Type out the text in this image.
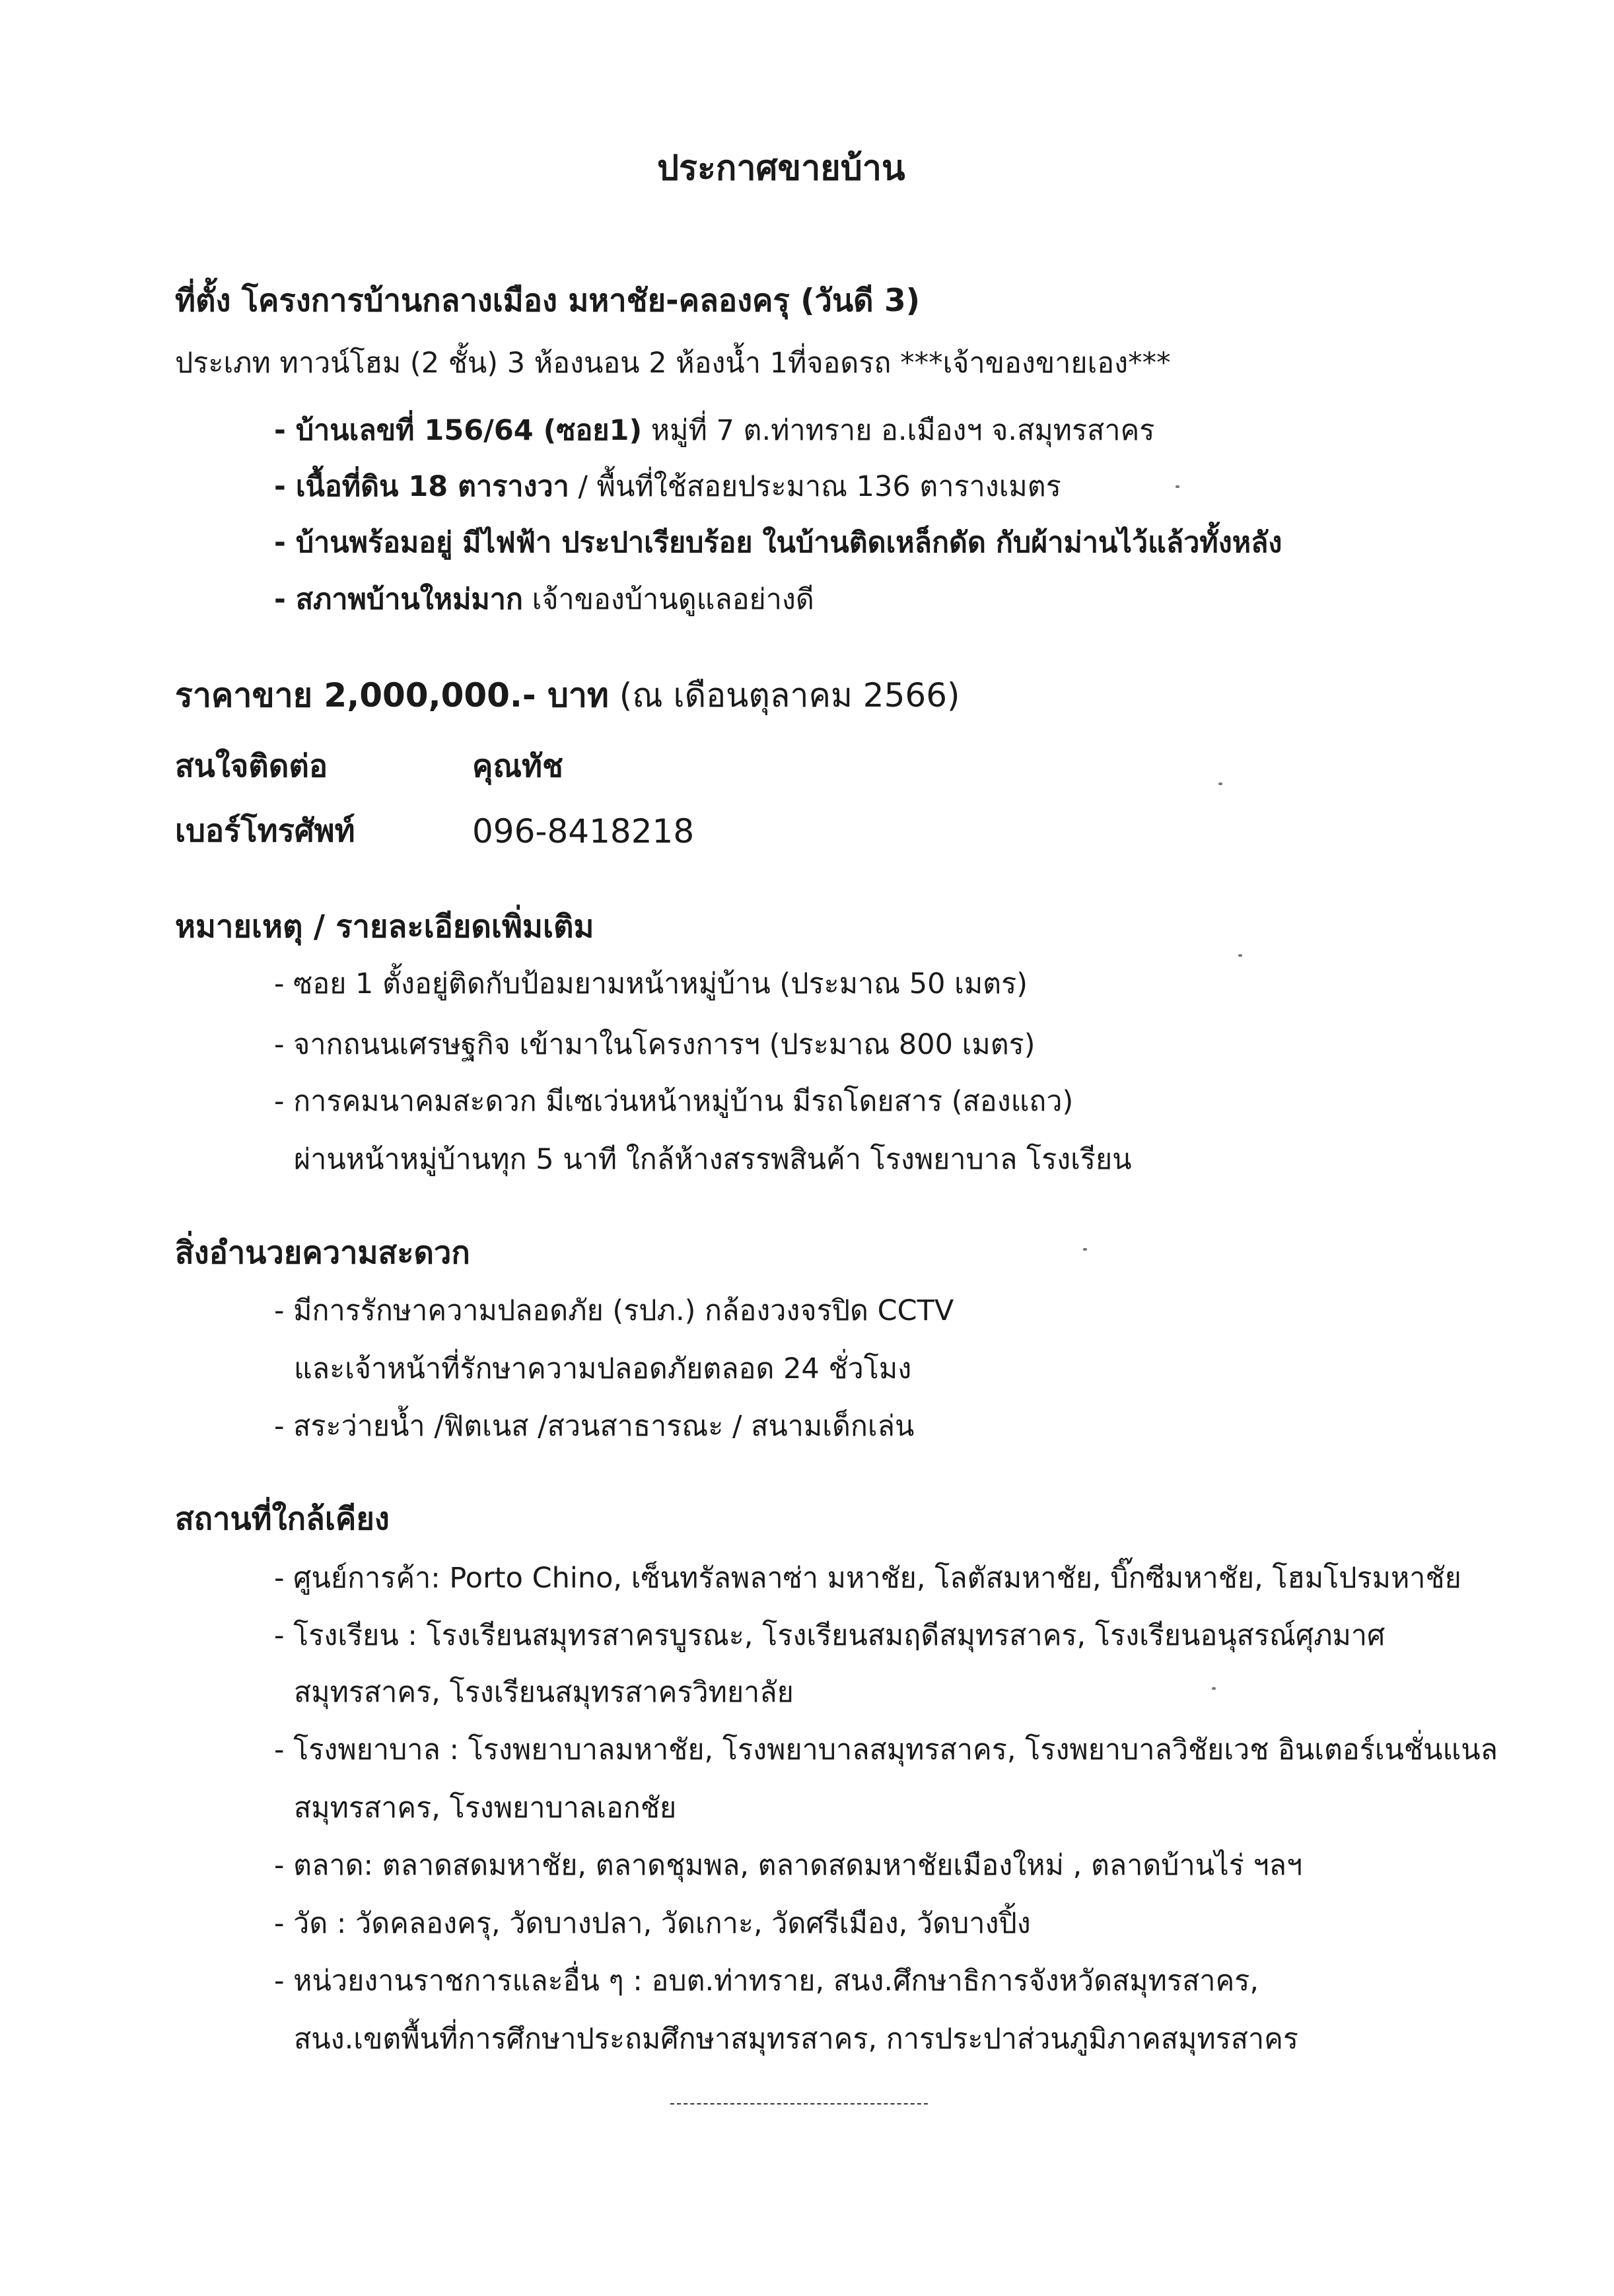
ประกาศขายบ้าน
ที่ตั้ง โครงการบ้านกลางเมือง มหาชัย-คลองครุ (วันดี 3)
ประเภท ทาวน์โฮม (2 ชั้น) 3 ห้องนอน 2 ห้องน้ำ 1ที่จอดรถ ***เจ้าของขายเอง***
- บ้านเลขที่ 156/64 (ซอย1) หมู่ที่ 7 ต.ท่าทราย อ.เมืองฯ จ.สมุทรสาคร
- เนื้อที่ดิน 18 ตารางวา / พื้นที่ใช้สอยประมาณ 136 ตารางเมตร
- บ้านพร้อมอยู่ มีไฟฟ้า ประปาเรียบร้อย ในบ้านติดเหล็กดัด กับผ้าม่านไว้แล้วทั้งหลัง
- สภาพบ้านใหม่มาก เจ้าของบ้านดูแลอย่างดี
ราคาขาย 2,000,000.- บาท (ณ เดือนตุลาคม 2566)
สนใจติดต่อ	คุณทัช
เบอร์โทรศัพท์	096-8418218
หมายเหตุ / รายละเอียดเพิ่มเติม
- ซอย 1 ตั้งอยู่ติดกับป้อมยามหน้าหมู่บ้าน (ประมาณ 50 เมตร)
- จากถนนเศรษฐกิจ เข้ามาในโครงการฯ (ประมาณ 800 เมตร)
- การคมนาคมสะดวก มีเซเว่นหน้าหมู่บ้าน มีรถโดยสาร (สองแถว)
ผ่านหน้าหมู่บ้านทุก 5 นาที ใกล้ห้างสรรพสินค้า โรงพยาบาล โรงเรียน
สิ่งอำนวยความสะดวก
- มีการรักษาความปลอดภัย (รปภ.) กล้องวงจรปิด CCTV
และเจ้าหน้าที่รักษาความปลอดภัยตลอด 24 ชั่วโมง
- สระว่ายน้ำ /ฟิตเนส /สวนสาธารณะ / สนามเด็กเล่น
สถานที่ใกล้เคียง
- ศูนย์การค้า: Porto Chino, เซ็นทรัลพลาซ่า มหาชัย, โลตัสมหาชัย, บิ๊กซีมหาชัย, โฮมโปรมหาชัย
- โรงเรียน : โรงเรียนสมุทรสาครบูรณะ, โรงเรียนสมฤดีสมุทรสาคร, โรงเรียนอนุสรณ์ศุภมาศ
สมุทรสาคร, โรงเรียนสมุทรสาครวิทยาลัย
- โรงพยาบาล : โรงพยาบาลมหาชัย, โรงพยาบาลสมุทรสาคร, โรงพยาบาลวิชัยเวช อินเตอร์เนชั่นแนล
สมุทรสาคร, โรงพยาบาลเอกชัย
- ตลาด: ตลาดสดมหาชัย, ตลาดชุมพล, ตลาดสดมหาชัยเมืองใหม่ , ตลาดบ้านไร่ ฯลฯ
- วัด : วัดคลองครุ, วัดบางปลา, วัดเกาะ, วัดศรีเมือง, วัดบางปิ้ง
- หน่วยงานราชการและอื่น ๆ : อบต.ท่าทราย, สนง.ศึกษาธิการจังหวัดสมุทรสาคร,
สนง.เขตพื้นที่การศึกษาประถมศึกษาสมุทรสาคร, การประปาส่วนภูมิภาคสมุทรสาคร
